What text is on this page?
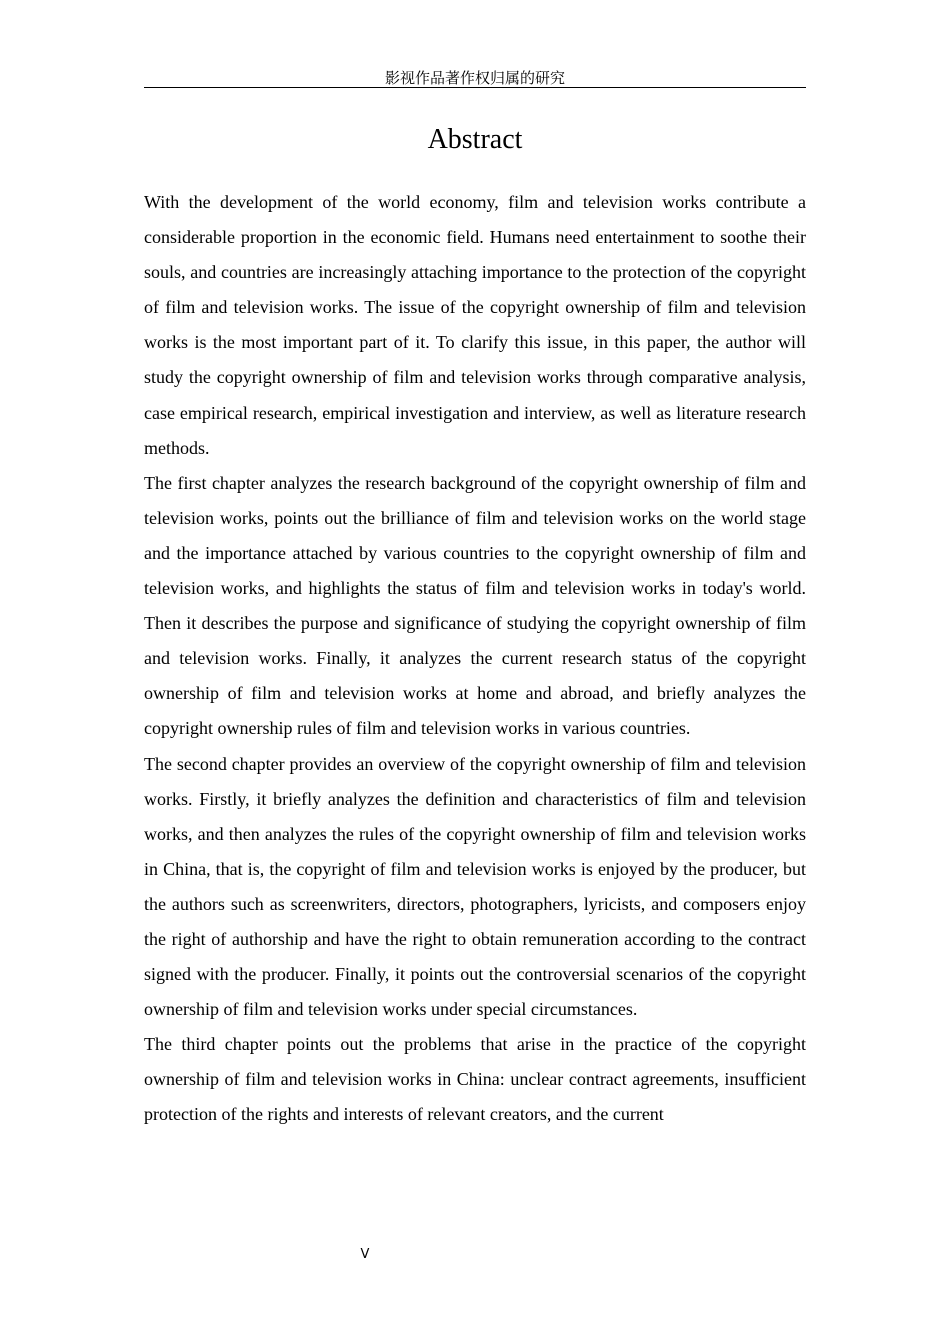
影视作品著作权归属的研究
Abstract

With the development of the world economy, film and television works contribute a considerable proportion in the economic field. Humans need entertainment to soothe their souls, and countries are increasingly attaching importance to the protection of the copyright of film and television works. The issue of the copyright ownership of film and television works is the most important part of it. To clarify this issue, in this paper, the author will study the copyright ownership of film and television works through comparative analysis, case empirical research, empirical investigation and interview, as well as literature research methods.

The first chapter analyzes the research background of the copyright ownership of film and television works, points out the brilliance of film and television works on the world stage and the importance attached by various countries to the copyright ownership of film and television works, and highlights the status of film and television works in today's world. Then it describes the purpose and significance of studying the copyright ownership of film and television works. Finally, it analyzes the current research status of the copyright ownership of film and television works at home and abroad, and briefly analyzes the copyright ownership rules of film and television works in various countries.

The second chapter provides an overview of the copyright ownership of film and television works. Firstly, it briefly analyzes the definition and characteristics of film and television works, and then analyzes the rules of the copyright ownership of film and television works in China, that is, the copyright of film and television works is enjoyed by the producer, but the authors such as screenwriters, directors, photographers, lyricists, and composers enjoy the right of authorship and have the right to obtain remuneration according to the contract signed with the producer. Finally, it points out the controversial scenarios of the copyright ownership of film and television works under special circumstances.

The third chapter points out the problems that arise in the practice of the copyright ownership of film and television works in China: unclear contract agreements, insufficient protection of the rights and interests of relevant creators, and the current

V
